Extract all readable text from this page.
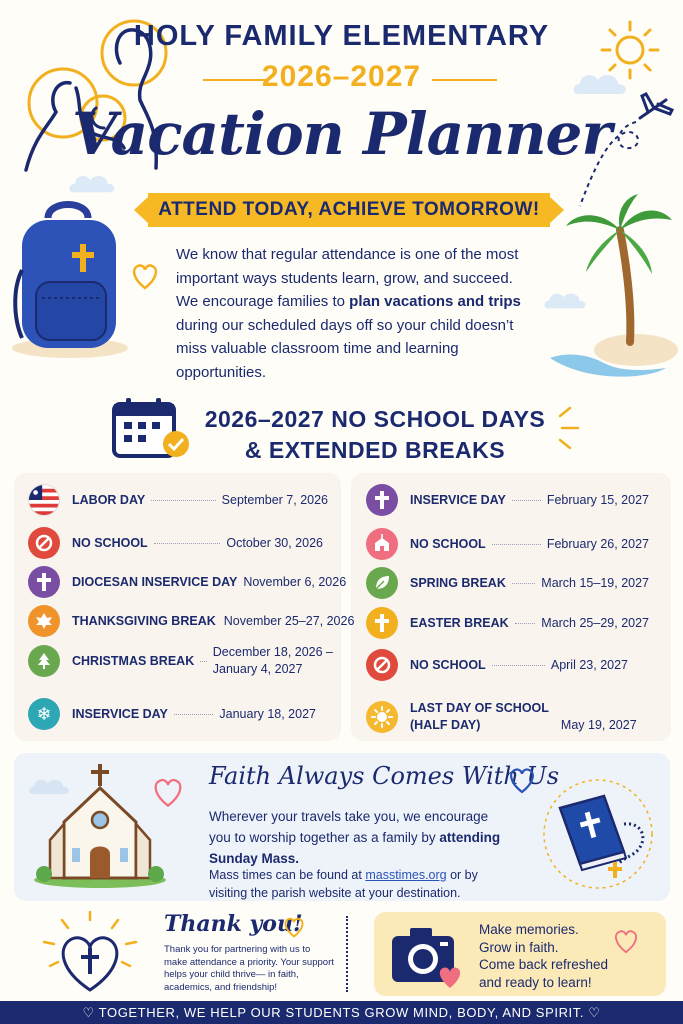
HOLY FAMILY ELEMENTARY
2026–2027
Vacation Planner
ATTEND TODAY, ACHIEVE TOMORROW!
We know that regular attendance is one of the most important ways students learn, grow, and succeed. We encourage families to plan vacations and trips during our scheduled days off so your child doesn’t miss valuable classroom time and learning opportunities.
2026–2027 NO SCHOOL DAYS
& EXTENDED BREAKS
LABOR DAY	September 7, 2026
NO SCHOOL	October 30, 2026
DIOCESAN INSERVICE DAY November 6, 2026
THANKSGIVING BREAK November 25–27, 2026
CHRISTMAS BREAK
December 18, 2026 –
January 4, 2027
❄	INSERVICE DAY	January 18, 2027
INSERVICE DAY	February 15, 2027
NO SCHOOL	February 26, 2027
SPRING BREAK	March 15–19, 2027
EASTER BREAK	March 25–29, 2027
NO SCHOOL	April 23, 2027
LAST DAY OF SCHOOL
(HALF DAY)	May 19, 2027
Faith Always Comes With Us
Wherever your travels take you, we encourage you to worship together as a family by attending Sunday Mass.
Mass times can be found at masstimes.org or by visiting the parish website at your destination.
Thank you!
Thank you for partnering with us to make attendance a priority. Your support helps your child thrive— in faith, academics, and friendship!
Make memories.
Grow in faith.
Come back refreshed
and ready to learn!
♡ TOGETHER, WE HELP OUR STUDENTS GROW MIND, BODY, AND SPIRIT. ♡
